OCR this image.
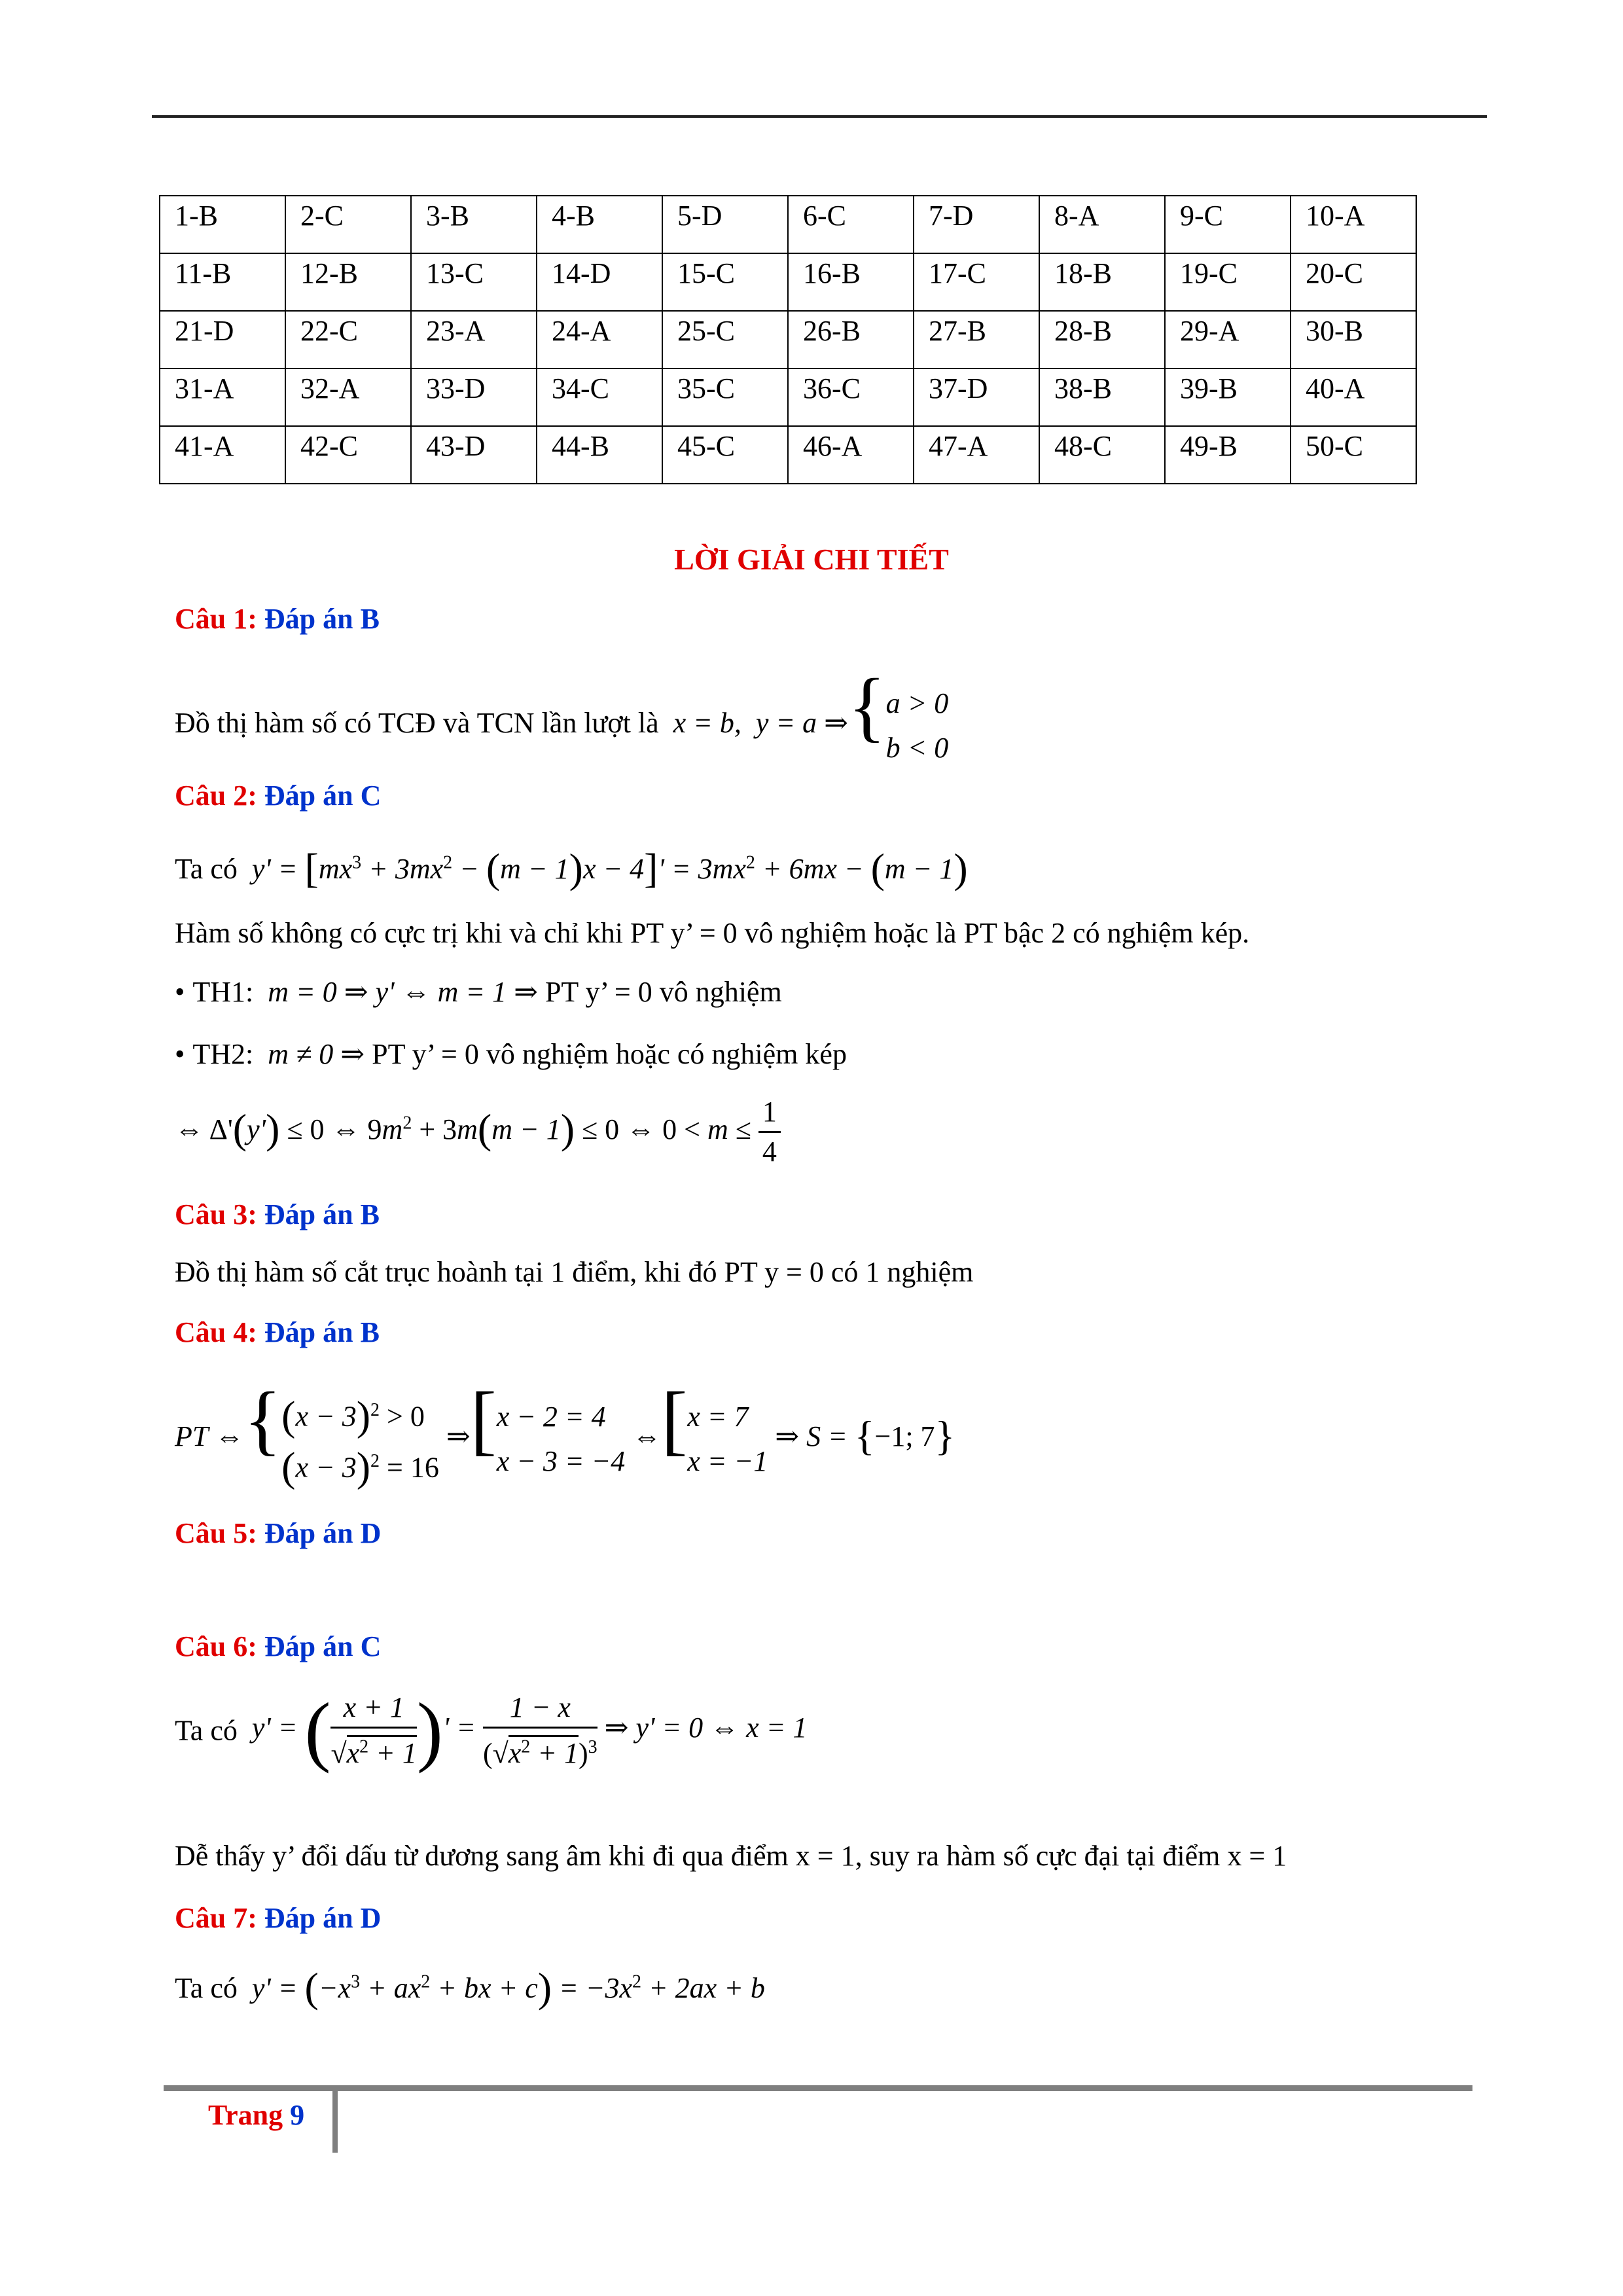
1-B	2-C	3-B	4-B	5-D	6-C	7-D	8-A	9-C	10-A
11-B	12-B	13-C	14-D	15-C	16-B	17-C	18-B	19-C	20-C
21-D	22-C	23-A	24-A	25-C	26-B	27-B	28-B	29-A	30-B
31-A	32-A	33-D	34-C	35-C	36-C	37-D	38-B	39-B	40-A
41-A	42-C	43-D	44-B	45-C	46-A	47-A	48-C	49-B	50-C
LỜI GIẢI CHI TIẾT
Câu 1: Đáp án B
Đồ thị hàm số có TCĐ và TCN lần lượt là  x = b,  y = a ⇒{ a > 0
b < 0
Câu 2: Đáp án C
Ta có  $y' = [mx^3 + 3mx^2 - (m - 1)x - 4]' = 3mx^2 + 6mx - (m - 1)$
Hàm số không có cực trị khi và chỉ khi PT y’ = 0 vô nghiệm hoặc là PT bậc 2 có nghiệm kép.
• TH1:  m = 0 ⇒ y' ⇔ m = 1 ⇒ PT y’ = 0 vô nghiệm
• TH2:  m ≠ 0 ⇒ PT y’ = 0 vô nghiệm hoặc có nghiệm kép
⇔ Δ'(y') ≤ 0 ⇔ $9m^2 + 3m(m - 1) \le 0$ ⇔ $0 < m \le \frac{1}{4}$
Câu 3: Đáp án B
Đồ thị hàm số cắt trục hoành tại 1 điểm, khi đó PT y = 0 có 1 nghiệm
Câu 4: Đáp án B
PT ⇔{ $(x - 3)^2 > 0$
$(x - 3)^2 = 16$
⇒[ x − 2 = 4
x − 3 = −4
⇔[ x = 7
x = −1
⇒ S = {−1; 7}
Câu 5: Đáp án D
Câu 6: Đáp án C
Ta có  y' = ( $\frac{x + 1}{√x^2 + 1}$ )' = $\frac{1 - x}{(√x^2 + 1)^3}$ ⇒ y' = 0 ⇔ x = 1
Dễ thấy y’ đổi dấu từ dương sang âm khi đi qua điểm x = 1, suy ra hàm số cực đại tại điểm x = 1
Câu 7: Đáp án D
Ta có  $y' = (-x^3 + ax^2$ + bx + $c) = -3x^2 + 2ax + b$
Trang 9
